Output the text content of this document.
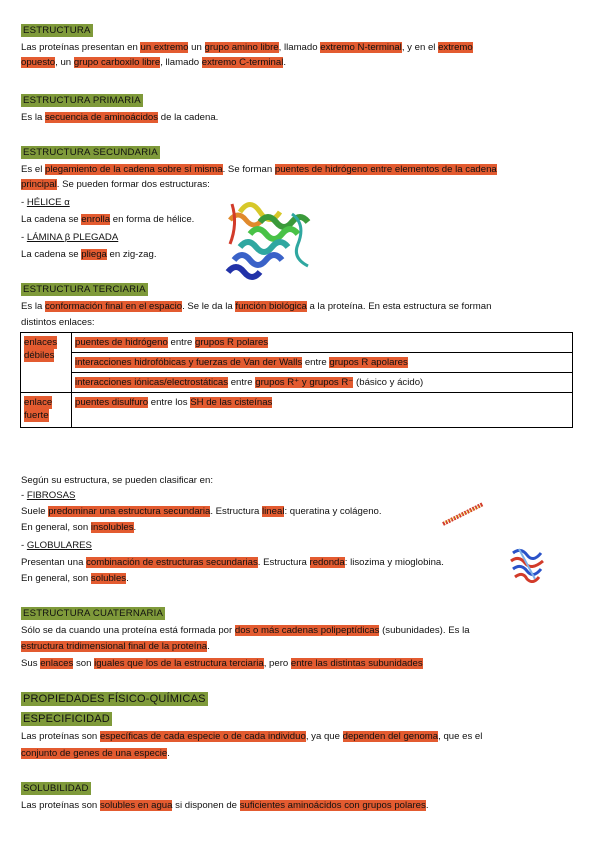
ESTRUCTURA
Las proteínas presentan en un extremo un grupo amino libre, llamado extremo N-terminal, y en el extremo
opuesto, un grupo carboxilo libre, llamado extremo C-terminal.
ESTRUCTURA PRIMARIA
Es la secuencia de aminoácidos de la cadena.
ESTRUCTURA SECUNDARIA
Es el plegamiento de la cadena sobre sí misma. Se forman puentes de hidrógeno entre elementos de la cadena
principal. Se pueden formar dos estructuras:
- HÉLICE α
La cadena se enrolla en forma de hélice.
- LÁMINA β PLEGADA
La cadena se pliega en zig-zag.
ESTRUCTURA TERCIARIA
Es la conformación final en el espacio. Se le da la función biológica a la proteína. En esta estructura se forman
distintos enlaces:
enlaces
débiles	puentes de hidrógeno entre grupos R polares
	interacciones hidrofóbicas y fuerzas de Van der Walls entre grupos R apolares
	interacciones iónicas/electrostáticas entre grupos R⁺ y grupos R⁻ (básico y ácido)
enlace
fuerte	puentes disulfuro entre los SH de las cisteínas
Según su estructura, se pueden clasificar en:
- FIBROSAS
Suele predominar una estructura secundaria. Estructura lineal: queratina y colágeno.
En general, son insolubles.
- GLOBULARES
Presentan una combinación de estructuras secundarias. Estructura redonda: lisozima y mioglobina.
En general, son solubles.
ESTRUCTURA CUATERNARIA
Sólo se da cuando una proteína está formada por dos o más cadenas polipeptídicas (subunidades). Es la
estructura tridimensional final de la proteína.
Sus enlaces son iguales que los de la estructura terciaria, pero entre las distintas subunidades
PROPIEDADES FÍSICO-QUÍMICAS
ESPECIFICIDAD
Las proteínas son específicas de cada especie o de cada individuo, ya que dependen del genoma, que es el
conjunto de genes de una especie.
SOLUBILIDAD
Las proteínas son solubles en agua si disponen de suficientes aminoácidos con grupos polares.
